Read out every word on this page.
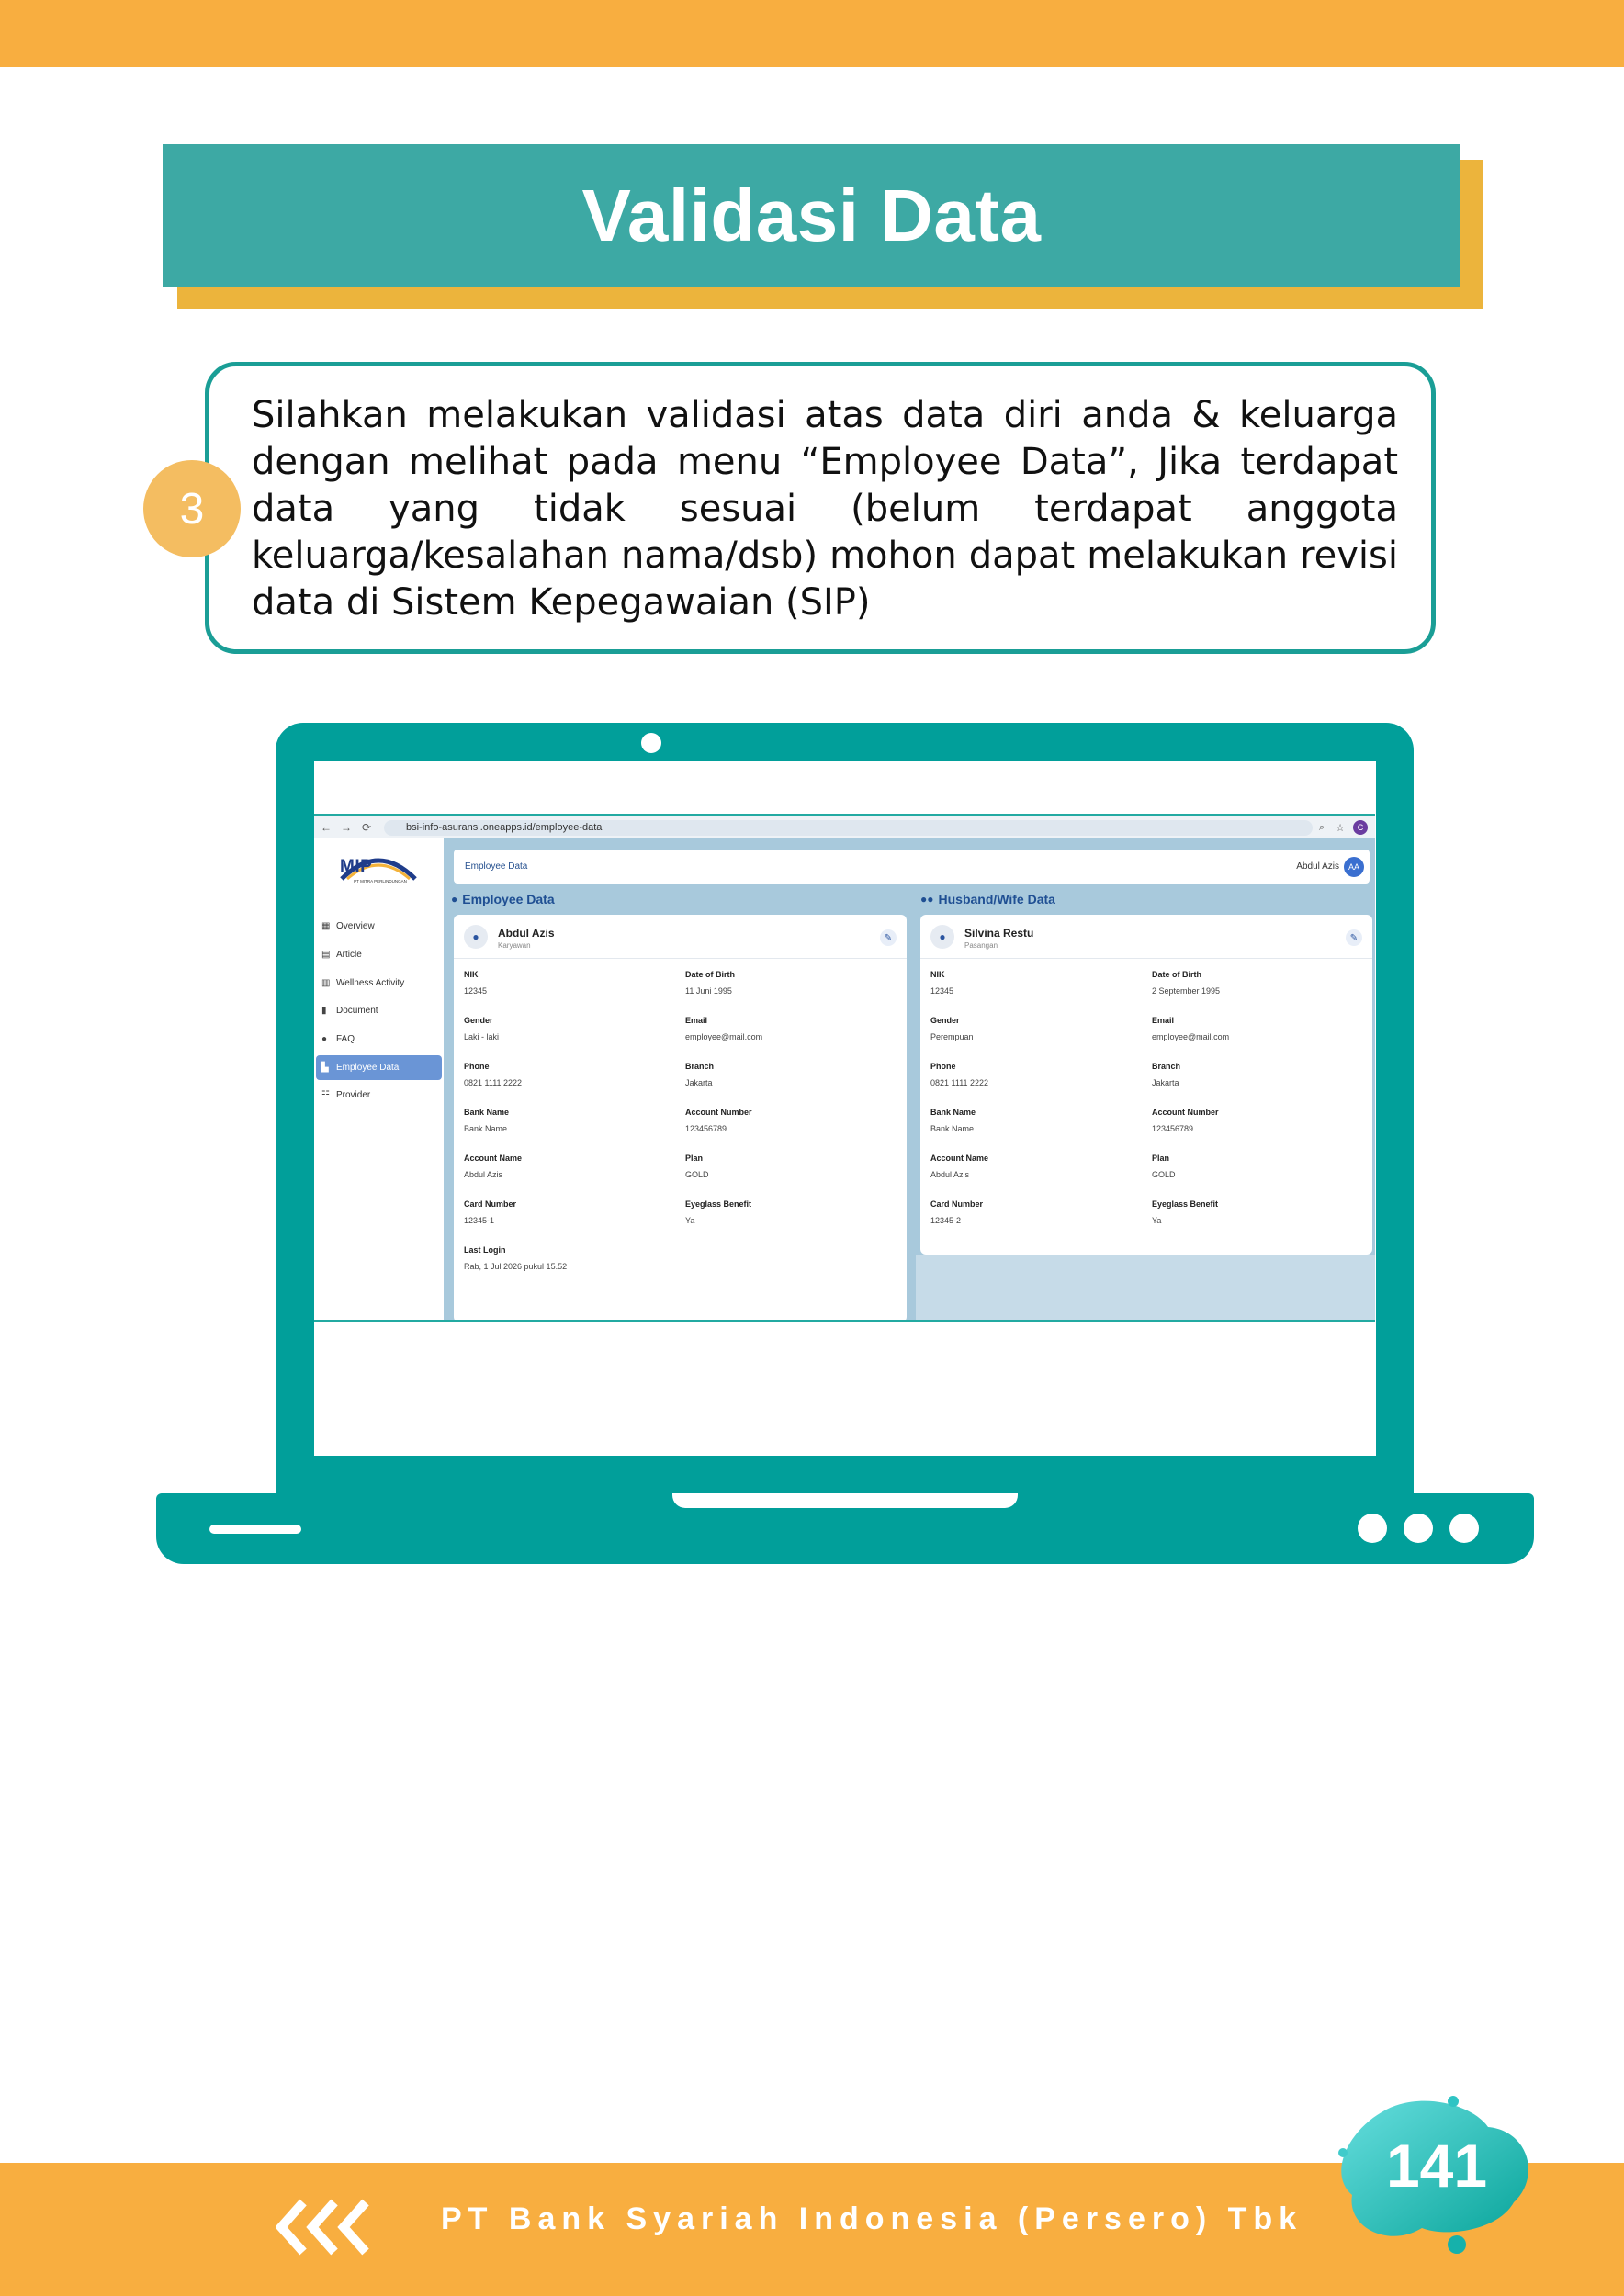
Validasi Data

Silahkan melakukan validasi atas data diri anda & keluarga dengan melihat pada menu “Employee Data”, Jika terdapat data yang tidak sesuai (belum terdapat anggota keluarga/kesalahan nama/dsb) mohon dapat melakukan revisi data di Sistem Kepegawaian (SIP)

3
← → ⟳	bsi-info-asuransi.oneapps.id/employee-data	⌕	☆	C
MIP
PT MITRA PERLINDUNGAN
▦ Overview
▤ Article
▥ Wellness Activity
▮	Document
● FAQ
▙ Employee Data
☷ Provider
Employee Data	Abdul Azis	AA
● Employee Data	●● Husband/Wife Data
●	Abdul Azis
Karyawan
✎
NIK
12345
Date of Birth
11 Juni 1995
Gender
Laki - laki
Email
employee@mail.com
Phone
0821 1111 2222
Branch
Jakarta
Bank Name
Bank Name
Account Number
123456789
Account Name
Abdul Azis
Plan
GOLD
Card Number
12345-1
Eyeglass Benefit
Ya
Last Login
Rab, 1 Jul 2026 pukul 15.52
●	Silvina Restu
Pasangan
✎
NIK
12345
Date of Birth
2 September 1995
Gender
Perempuan
Email
employee@mail.com
Phone
0821 1111 2222
Branch
Jakarta
Bank Name
Bank Name
Account Number
123456789
Account Name
Abdul Azis
Plan
GOLD
Card Number
12345-2
Eyeglass Benefit
Ya
PT Bank Syariah Indonesia (Persero) Tbk
141
